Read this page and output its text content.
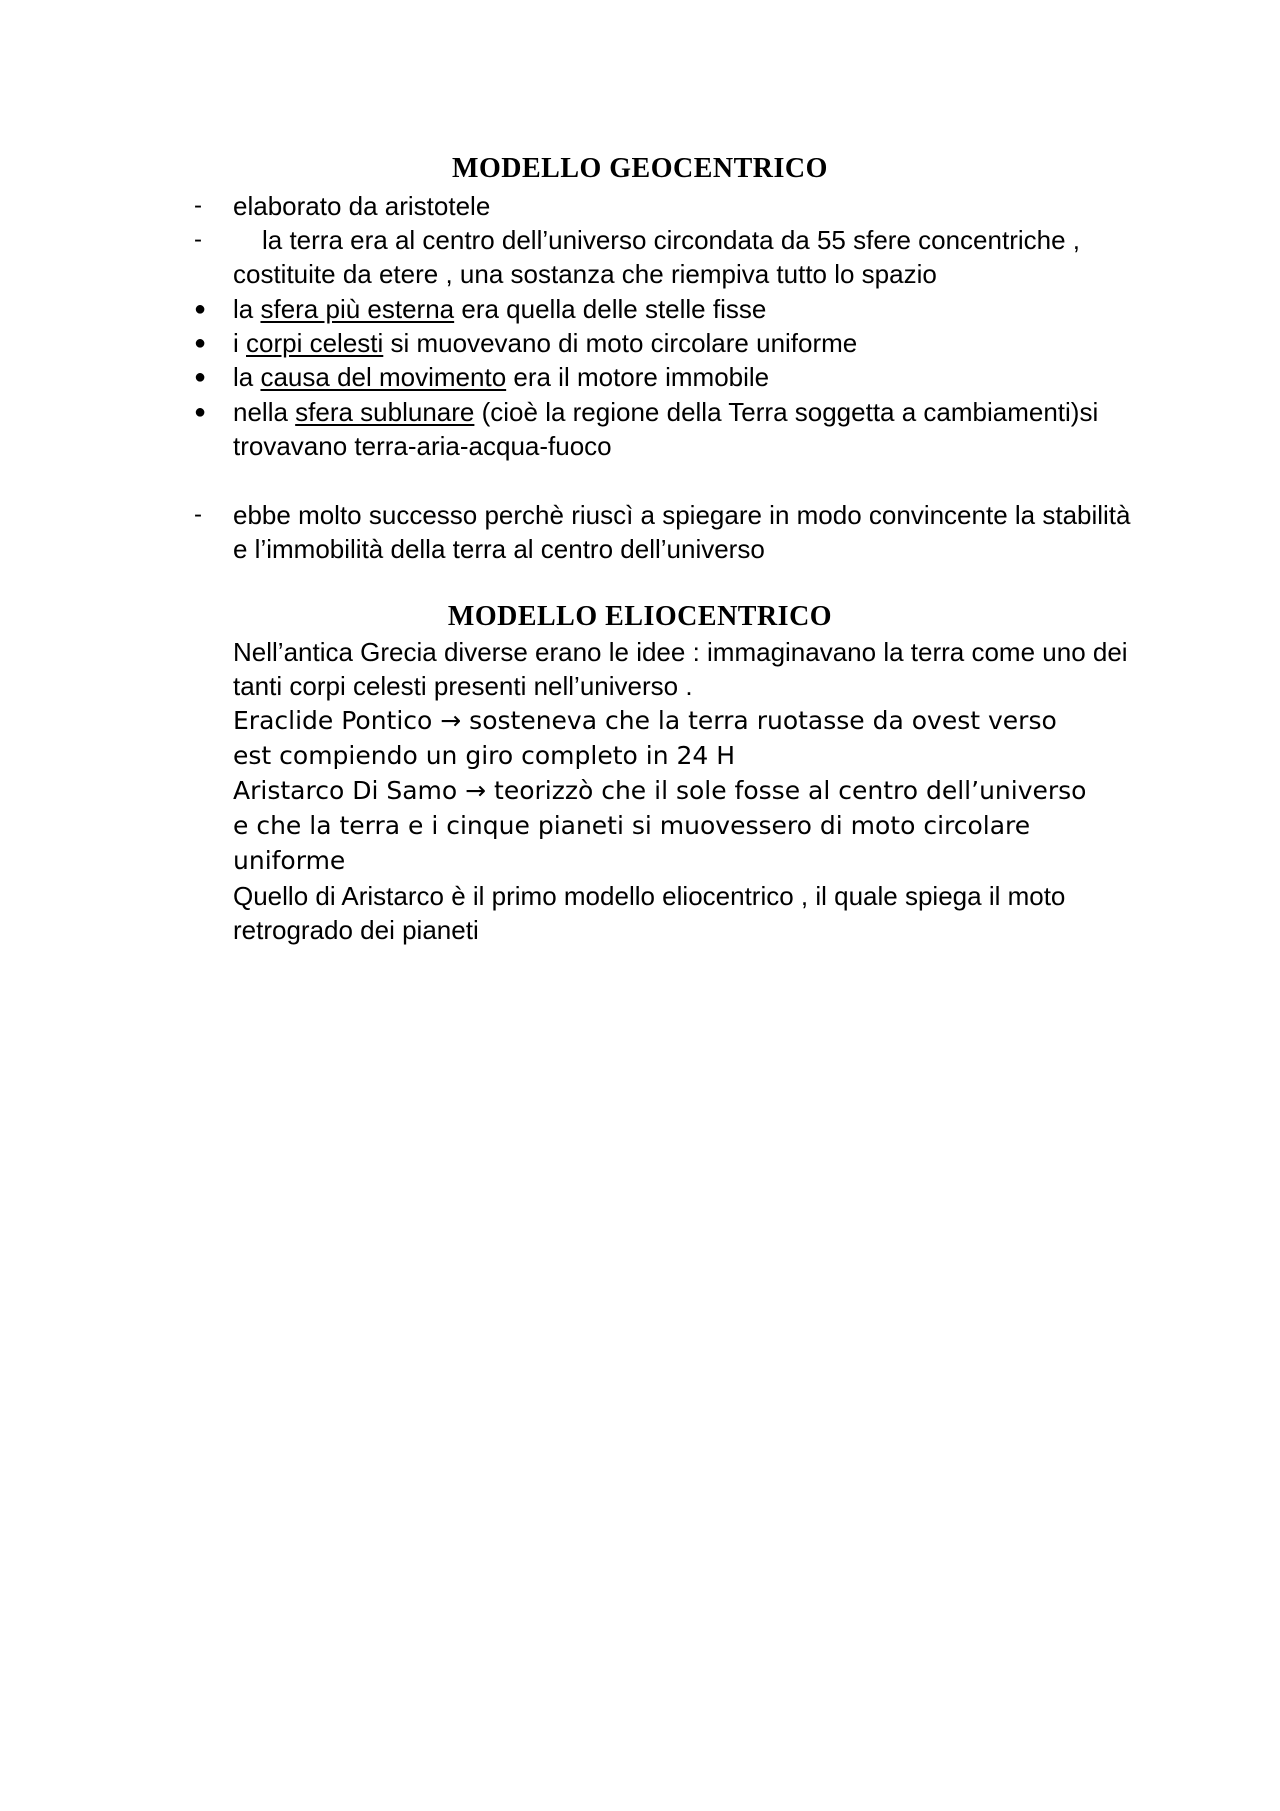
MODELLO GEOCENTRICO
-	elaborato da aristotele
-	la terra era al centro dell’universo circondata da 55 sfere concentriche ,
costituite da etere , una sostanza che riempiva tutto lo spazio
●	la sfera più esterna era quella delle stelle fisse
●	i corpi celesti si muovevano di moto circolare uniforme
●	la causa del movimento era il motore immobile
●	nella sfera sublunare (cioè la regione della Terra soggetta a cambiamenti)si
trovavano terra-aria-acqua-fuoco
-	ebbe molto successo perchè riuscì a spiegare in modo convincente la stabilità
e l’immobilità della terra al centro dell’universo
MODELLO ELIOCENTRICO
Nell’antica Grecia diverse erano le idee : immaginavano la terra come uno dei
tanti corpi celesti presenti nell’universo .
Eraclide Pontico → sosteneva che la terra ruotasse da ovest verso
est compiendo un giro completo in 24 H
Aristarco Di Samo → teorizzò che il sole fosse al centro dell’universo
e che la terra e i cinque pianeti si muovessero di moto circolare
uniforme
Quello di Aristarco è il primo modello eliocentrico , il quale spiega il moto
retrogrado dei pianeti
